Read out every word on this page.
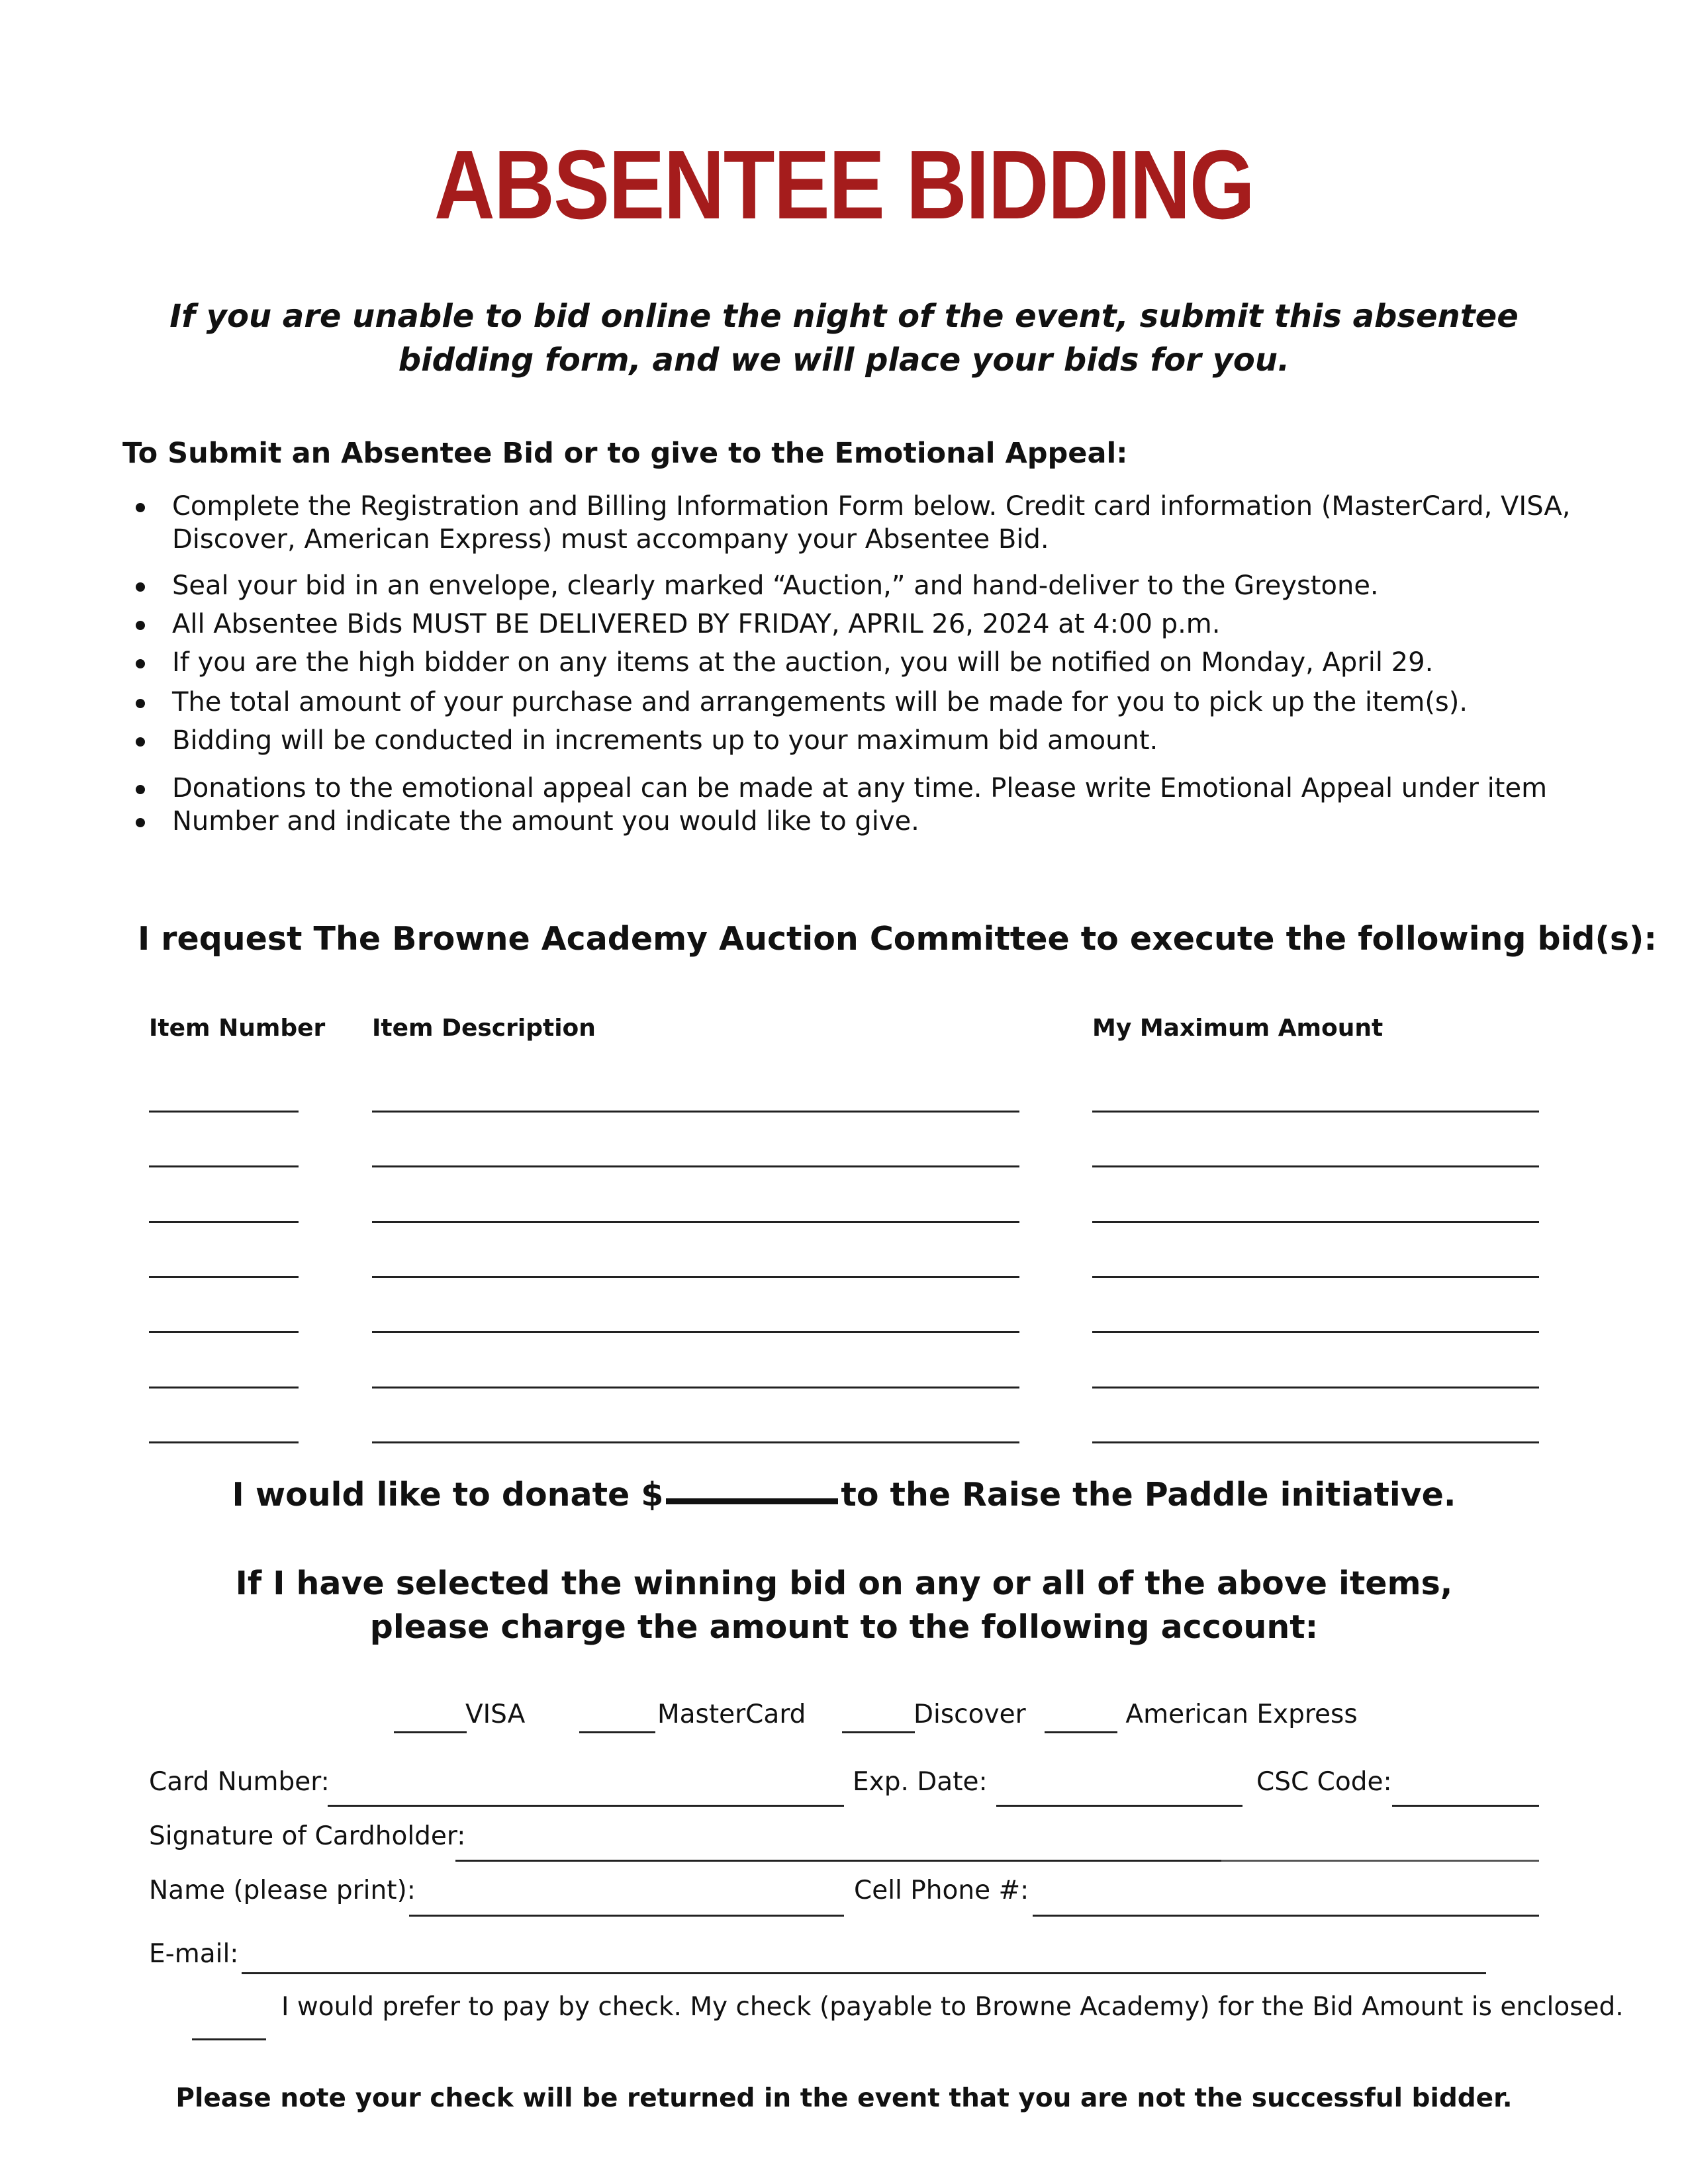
ABSENTEE BIDDING
If you are unable to bid online the night of the event, submit this absentee bidding form, and we will place your bids for you.
To Submit an Absentee Bid or to give to the Emotional Appeal:
Complete the Registration and Billing Information Form below. Credit card information (MasterCard, VISA, Discover, American Express) must accompany your Absentee Bid.
Seal your bid in an envelope, clearly marked “Auction,” and hand-deliver to the Greystone.
All Absentee Bids MUST BE DELIVERED BY FRIDAY, APRIL 26, 2024 at 4:00 p.m.
If you are the high bidder on any items at the auction, you will be notified on Monday, April 29.
The total amount of your purchase and arrangements will be made for you to pick up the item(s).
Bidding will be conducted in increments up to your maximum bid amount.
Donations to the emotional appeal can be made at any time. Please write Emotional Appeal under item
Number and indicate the amount you would like to give.
I request The Browne Academy Auction Committee to execute the following bid(s):
Item Number Item Description	My Maximum Amount
I would like to donate $	to the Raise the Paddle initiative.
If I have selected the winning bid on any or all of the above items,
please charge the amount to the following account:
VISA	MasterCard	Discover	American Express
Card Number:	Exp. Date:	CSC Code:
Signature of Cardholder:
Name (please print):	Cell Phone #:
E-mail:
I would prefer to pay by check. My check (payable to Browne Academy) for the Bid Amount is enclosed.
Please note your check will be returned in the event that you are not the successful bidder.
